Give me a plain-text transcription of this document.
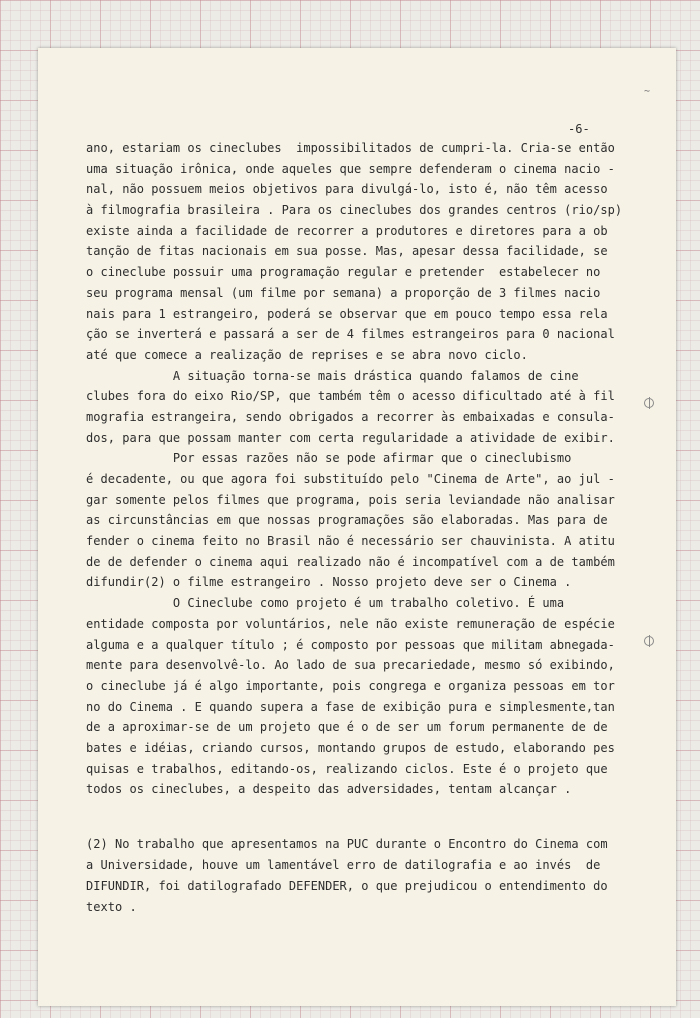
∼
-6-
ano, estariam os cineclubes  impossibilitados de cumpri-la. Cria-se então
uma situação irônica, onde aqueles que sempre defenderam o cinema nacio -
nal, não possuem meios objetivos para divulgá-lo, isto é, não têm acesso
à filmografia brasileira . Para os cineclubes dos grandes centros (rio/sp)
existe ainda a facilidade de recorrer a produtores e diretores para a ob
tanção de fitas nacionais em sua posse. Mas, apesar dessa facilidade, se
o cineclube possuir uma programação regular e pretender  estabelecer no
seu programa mensal (um filme por semana) a proporção de 3 filmes nacio
nais para 1 estrangeiro, poderá se observar que em pouco tempo essa rela
ção se inverterá e passará a ser de 4 filmes estrangeiros para 0 nacional
até que comece a realização de reprises e se abra novo ciclo.
A situação torna-se mais drástica quando falamos de cine
clubes fora do eixo Rio/SP, que também têm o acesso dificultado até à fil
mografia estrangeira, sendo obrigados a recorrer às embaixadas e consula-
dos, para que possam manter com certa regularidade a atividade de exibir.
Por essas razões não se pode afirmar que o cineclubismo
é decadente, ou que agora foi substituído pelo "Cinema de Arte", ao jul -
gar somente pelos filmes que programa, pois seria leviandade não analisar
as circunstâncias em que nossas programações são elaboradas. Mas para de
fender o cinema feito no Brasil não é necessário ser chauvinista. A atitu
de de defender o cinema aqui realizado não é incompatível com a de também
difundir(2) o filme estrangeiro . Nosso projeto deve ser o Cinema .
O Cineclube como projeto é um trabalho coletivo. É uma
entidade composta por voluntários, nele não existe remuneração de espécie
alguma e a qualquer título ; é composto por pessoas que militam abnegada-
mente para desenvolvê-lo. Ao lado de sua precariedade, mesmo só exibindo,
o cineclube já é algo importante, pois congrega e organiza pessoas em tor
no do Cinema . E quando supera a fase de exibição pura e simplesmente,tan
de a aproximar-se de um projeto que é o de ser um forum permanente de de
bates e idéias, criando cursos, montando grupos de estudo, elaborando pes
quisas e trabalhos, editando-os, realizando ciclos. Este é o projeto que
todos os cineclubes, a despeito das adversidades, tentam alcançar .
(2) No trabalho que apresentamos na PUC durante o Encontro do Cinema com
a Universidade, houve um lamentável erro de datilografia e ao invés  de
DIFUNDIR, foi datilografado DEFENDER, o que prejudicou o entendimento do
texto .
